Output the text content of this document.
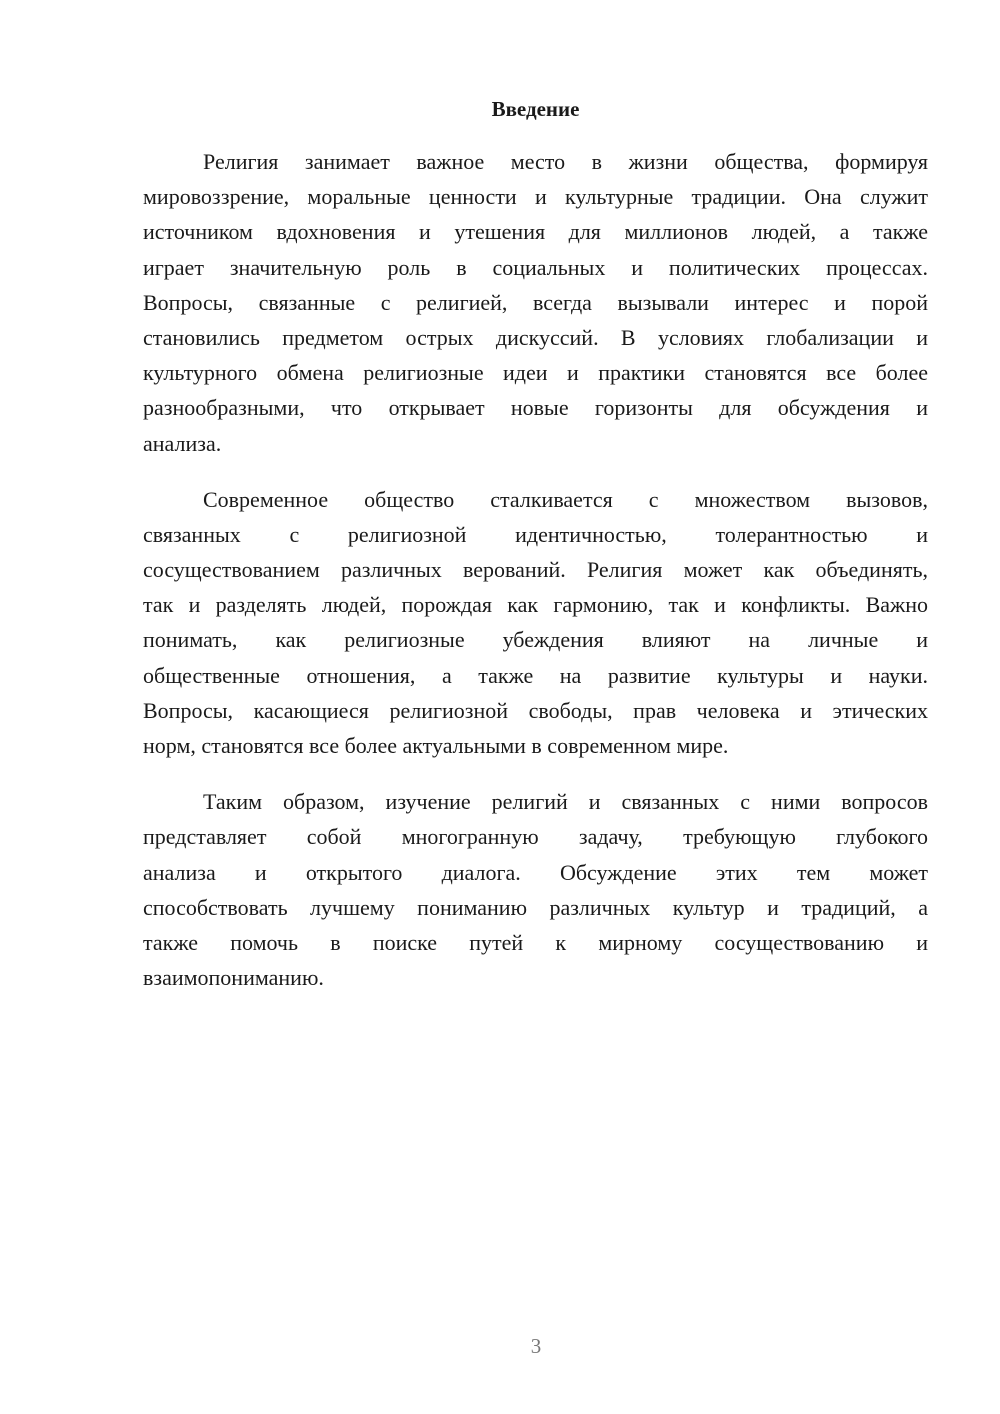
Введение
Религия занимает важное место в жизни общества, формируя
мировоззрение, моральные ценности и культурные традиции. Она служит
источником вдохновения и утешения для миллионов людей, а также
играет значительную роль в социальных и политических процессах.
Вопросы, связанные с религией, всегда вызывали интерес и порой
становились предметом острых дискуссий. В условиях глобализации и
культурного обмена религиозные идеи и практики становятся все более
разнообразными, что открывает новые горизонты для обсуждения и
анализа.
Современное общество сталкивается с множеством вызовов,
связанных с религиозной идентичностью, толерантностью и
сосуществованием различных верований. Религия может как объединять,
так и разделять людей, порождая как гармонию, так и конфликты. Важно
понимать, как религиозные убеждения влияют на личные и
общественные отношения, а также на развитие культуры и науки.
Вопросы, касающиеся религиозной свободы, прав человека и этических
норм, становятся все более актуальными в современном мире.
Таким образом, изучение религий и связанных с ними вопросов
представляет собой многогранную задачу, требующую глубокого
анализа и открытого диалога. Обсуждение этих тем может
способствовать лучшему пониманию различных культур и традиций, а
также помочь в поиске путей к мирному сосуществованию и
взаимопониманию.
3
